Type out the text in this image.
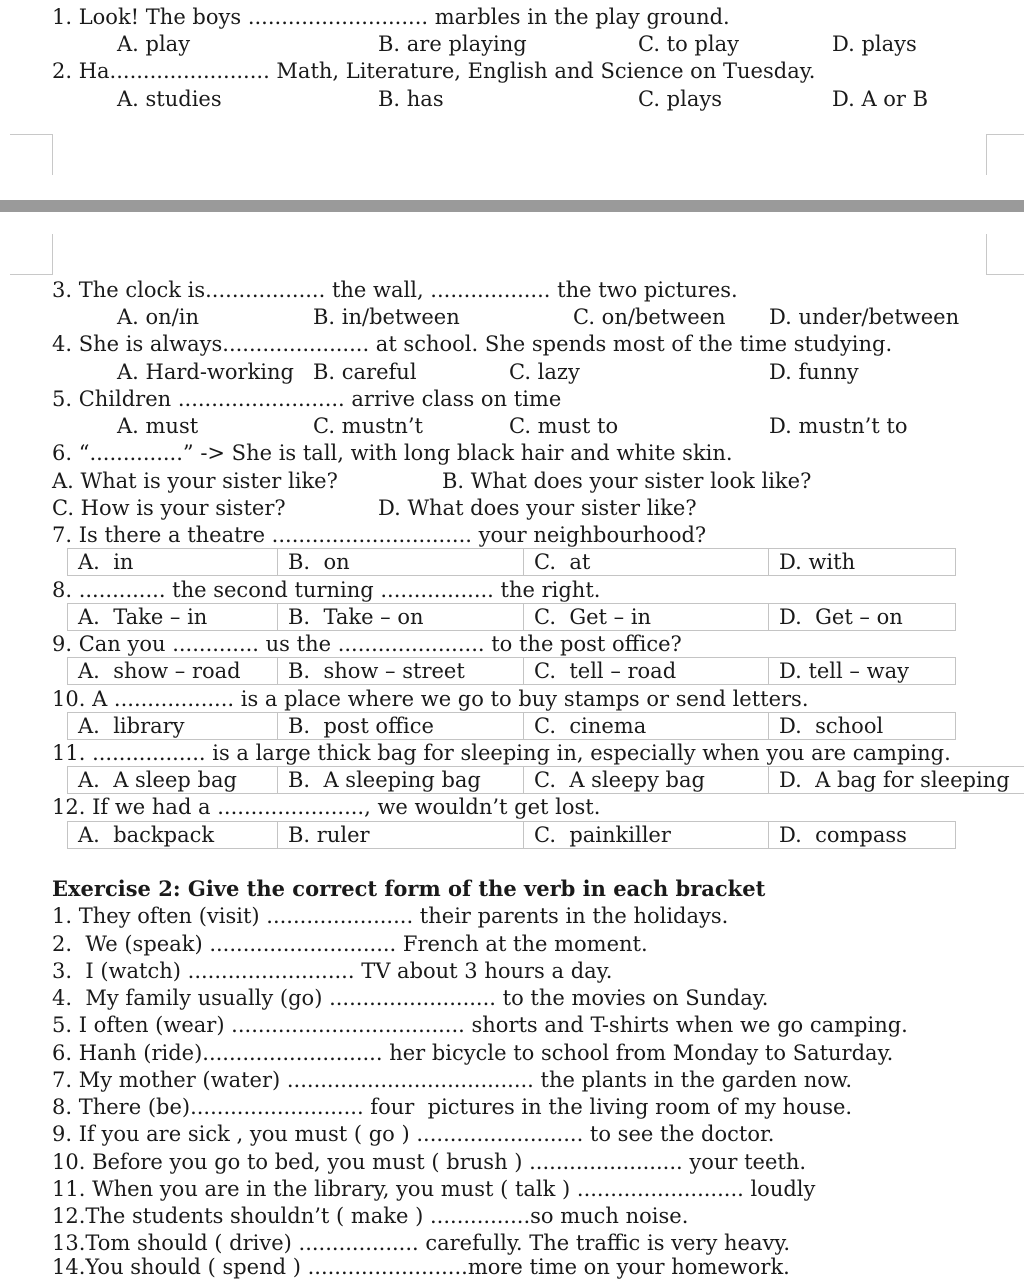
1. Look! The boys ........................... marbles in the play ground.
A. play	B. are playing	C. to play	D. plays
2. Ha........................ Math, Literature, English and Science on Tuesday.
A. studies	B. has	C. plays	D. A or B
3. The clock is.................. the wall, .................. the two pictures.
A. on/in	B. in/between	C. on/between D. under/between
4. She is always...................... at school. She spends most of the time studying.
A. Hard-working B. careful	C. lazy	D. funny
5. Children ......................... arrive class on time
A. must	C. mustn’t	C. must to	D. mustn’t to
6. “..............” -> She is tall, with long black hair and white skin.
A. What is your sister like?	B. What does your sister look like?
C. How is your sister?	D. What does your sister like?
7. Is there a theatre .............................. your neighbourhood?
A.  in	B.  on	C.  at	D. with
8. ............. the second turning ................. the right.
A.  Take – in	B.  Take – on	C.  Get – in	D.  Get – on
9. Can you ............. us the ...................... to the post office?
A.  show – road	B.  show – street	C.  tell – road	D. tell – way
10. A .................. is a place where we go to buy stamps or send letters.
A.  library	B.  post office	C.  cinema	D.  school
11. ................. is a large thick bag for sleeping in, especially when you are camping.
A.  A sleep bag	B.  A sleeping bag	C.  A sleepy bag	D.  A bag for sleeping
12. If we had a ......................, we wouldn’t get lost.
A.  backpack	B. ruler	C.  painkiller	D.  compass
Exercise 2: Give the correct form of the verb in each bracket
1. They often (visit) ...................... their parents in the holidays.
2.  We (speak) ............................ French at the moment.
3.  I (watch) ......................... TV about 3 hours a day.
4.  My family usually (go) ......................... to the movies on Sunday.
5. I often (wear) ................................... shorts and T-shirts when we go camping.
6. Hanh (ride)........................... her bicycle to school from Monday to Saturday.
7. My mother (water) ..................................... the plants in the garden now.
8. There (be).......................... four  pictures in the living room of my house.
9. If you are sick , you must ( go ) ......................... to see the doctor.
10. Before you go to bed, you must ( brush ) ....................... your teeth.
11. When you are in the library, you must ( talk ) ......................... loudly
12.The students shouldn’t ( make ) ...............so much noise.
13.Tom should ( drive) .................. carefully. The traffic is very heavy.
14.You should ( spend ) ........................more time on your homework.
